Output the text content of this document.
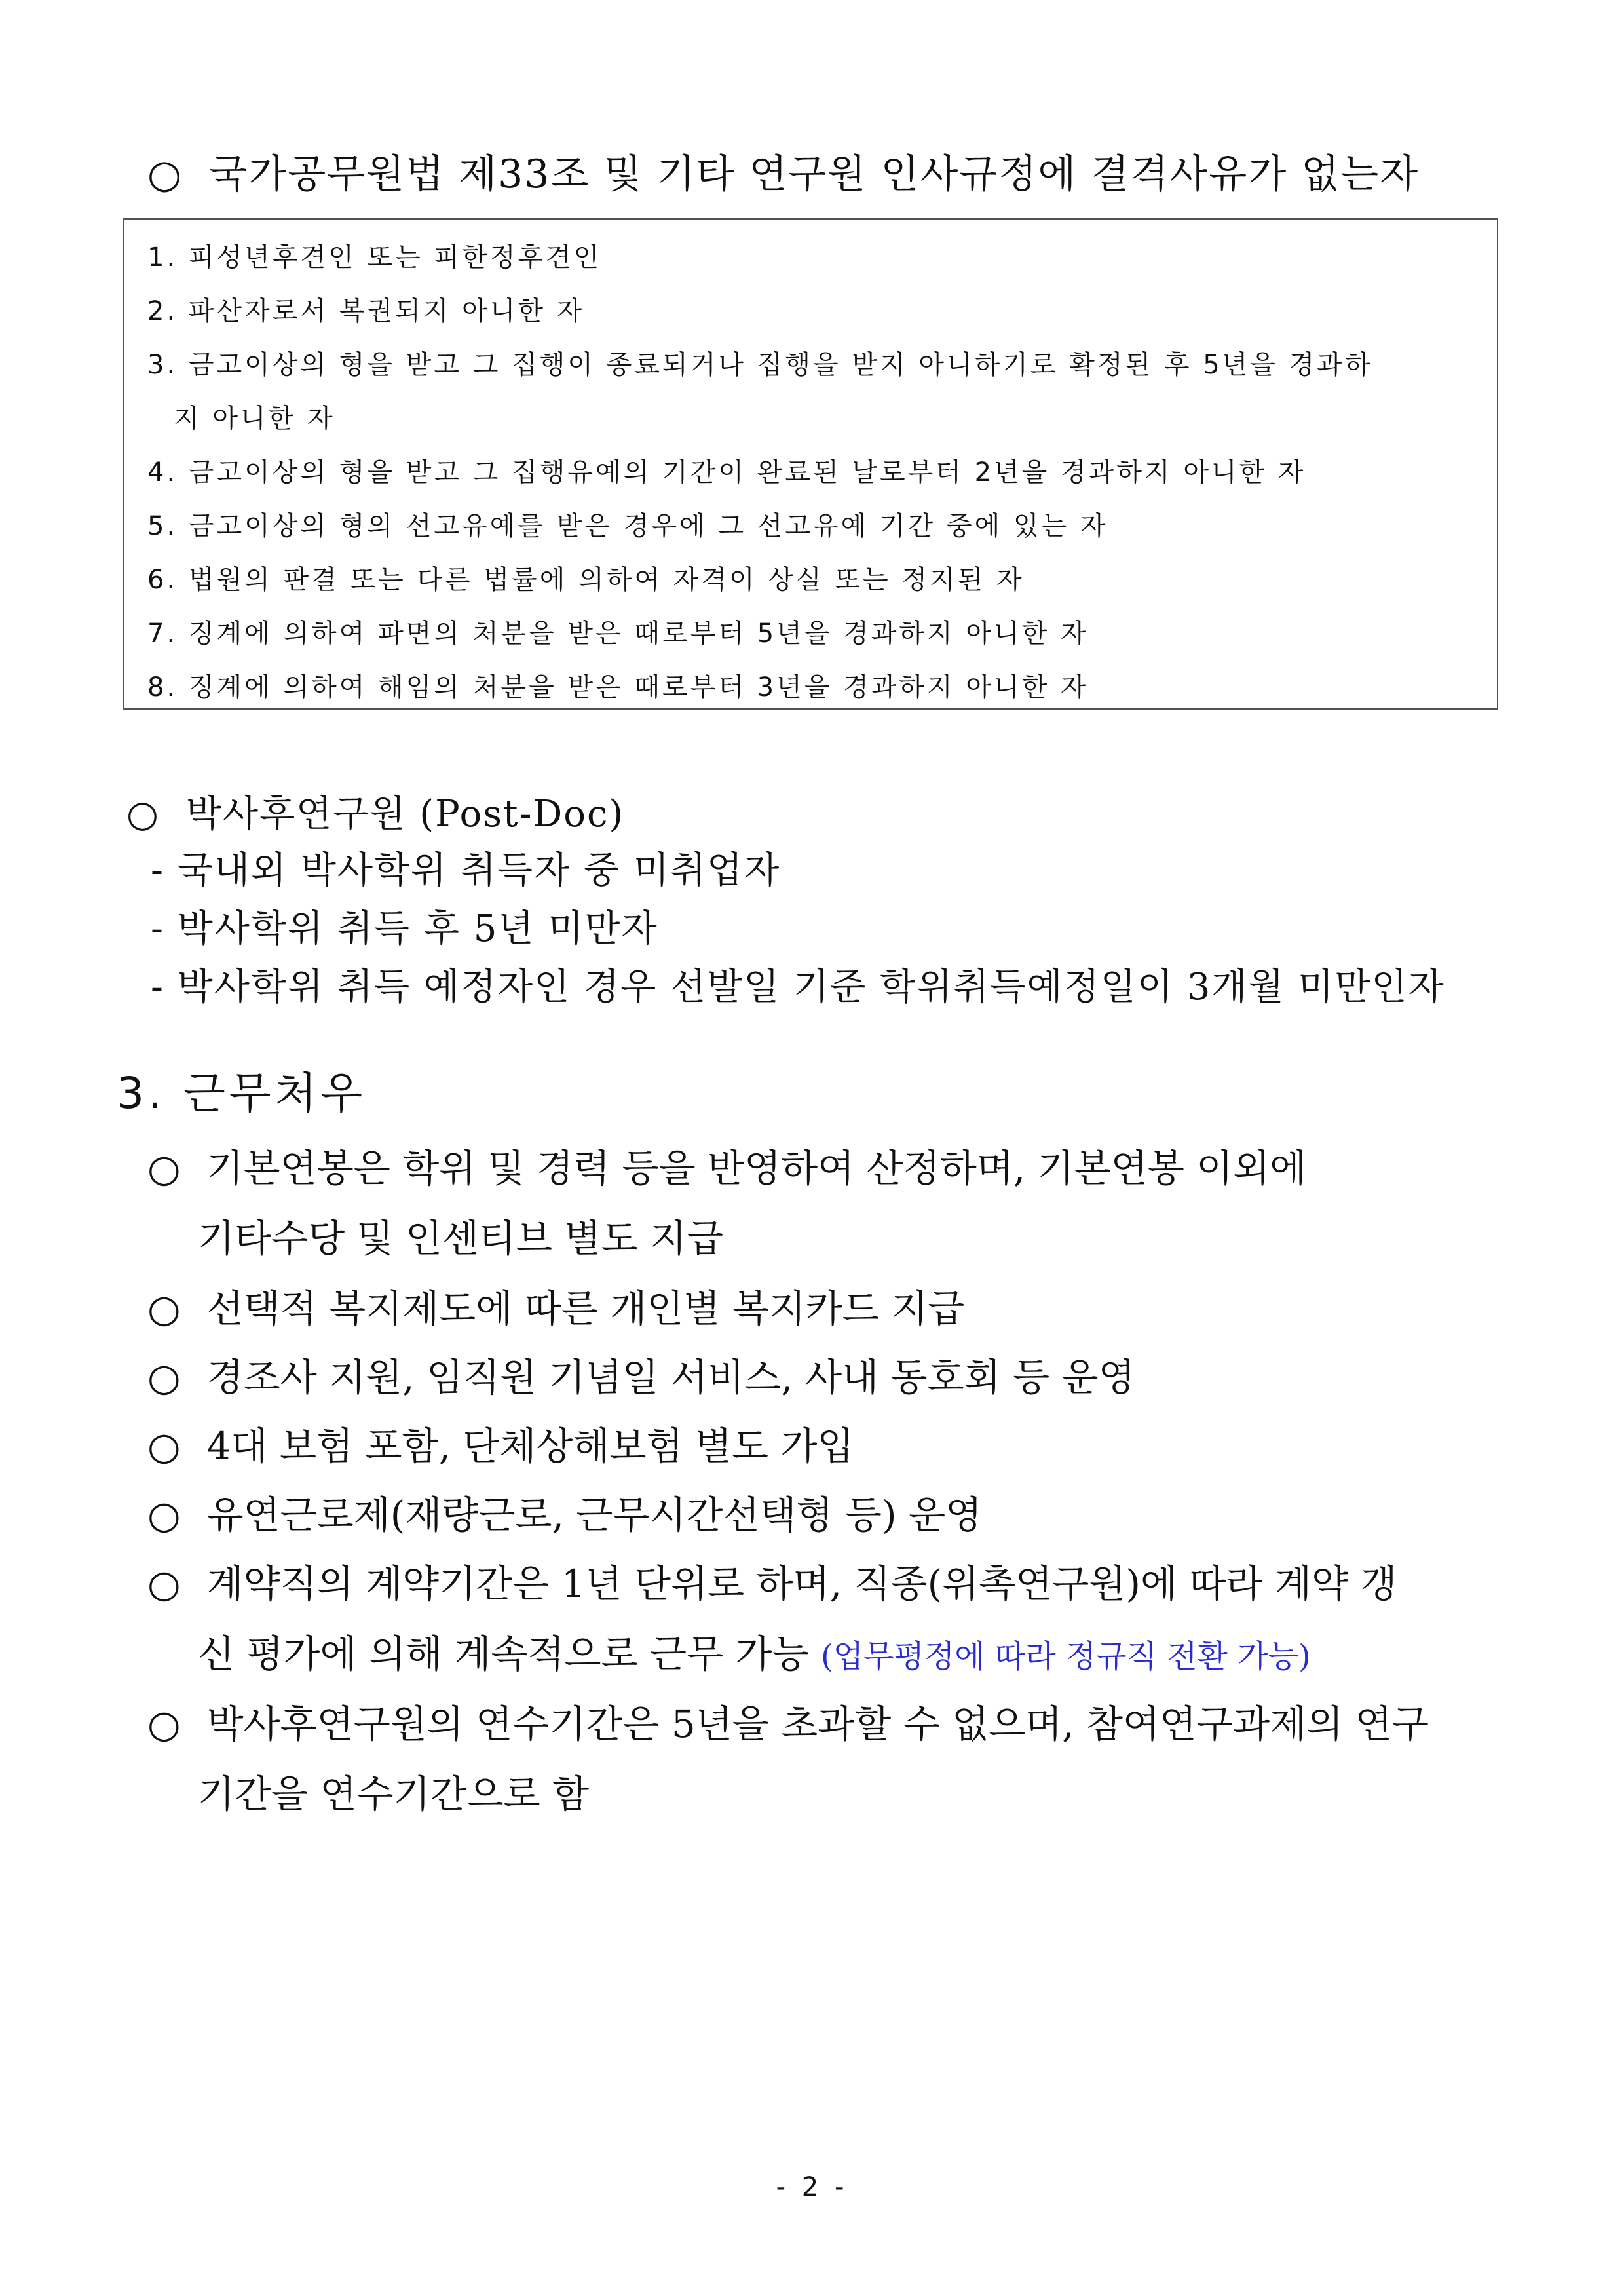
○ 국가공무원법 제33조 및 기타 연구원 인사규정에 결격사유가 없는자
1. 피성년후견인 또는 피한정후견인
2. 파산자로서 복권되지 아니한 자
3. 금고이상의 형을 받고 그 집행이 종료되거나 집행을 받지 아니하기로 확정된 후 5년을 경과하
지 아니한 자
4. 금고이상의 형을 받고 그 집행유예의 기간이 완료된 날로부터 2년을 경과하지 아니한 자
5. 금고이상의 형의 선고유예를 받은 경우에 그 선고유예 기간 중에 있는 자
6. 법원의 판결 또는 다른 법률에 의하여 자격이 상실 또는 정지된 자
7. 징계에 의하여 파면의 처분을 받은 때로부터 5년을 경과하지 아니한 자
8. 징계에 의하여 해임의 처분을 받은 때로부터 3년을 경과하지 아니한 자
○ 박사후연구원 (Post-Doc)
- 국내외 박사학위 취득자 중 미취업자
- 박사학위 취득 후 5년 미만자
- 박사학위 취득 예정자인 경우 선발일 기준 학위취득예정일이 3개월 미만인자
3. 근무처우
○ 기본연봉은 학위 및 경력 등을 반영하여 산정하며, 기본연봉 이외에
기타수당 및 인센티브 별도 지급
○ 선택적 복지제도에 따른 개인별 복지카드 지급
○ 경조사 지원, 임직원 기념일 서비스, 사내 동호회 등 운영
○ 4대 보험 포함, 단체상해보험 별도 가입
○ 유연근로제(재량근로, 근무시간선택형 등) 운영
○ 계약직의 계약기간은 1년 단위로 하며, 직종(위촉연구원)에 따라 계약 갱
신 평가에 의해 계속적으로 근무 가능 (업무평정에 따라 정규직 전환 가능)
○ 박사후연구원의 연수기간은 5년을 초과할 수 없으며, 참여연구과제의 연구
기간을 연수기간으로 함
- 2 -
